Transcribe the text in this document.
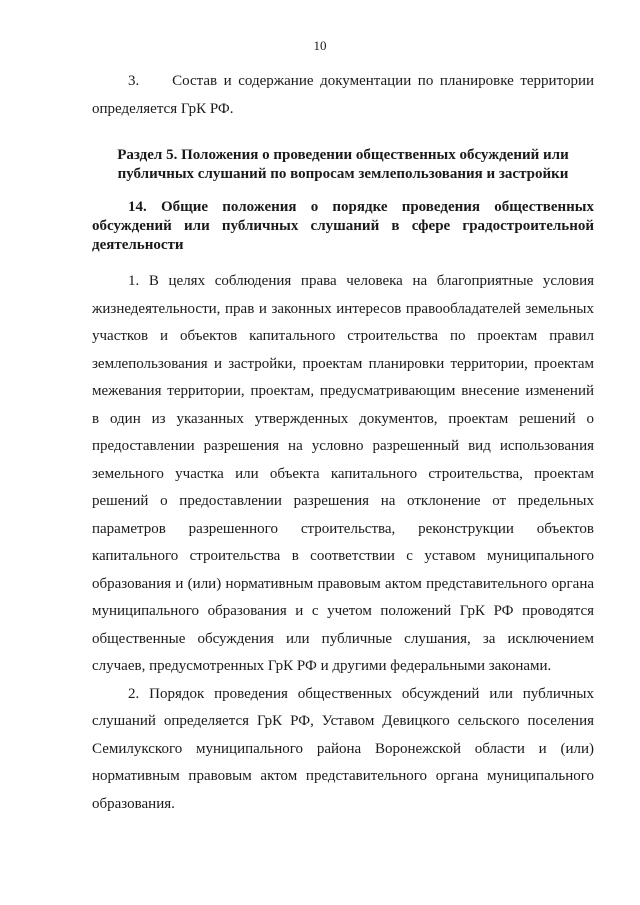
10

3.     Состав и содержание документации по планировке территории определяется ГрК РФ.

Раздел 5. Положения о проведении общественных обсуждений или публичных слушаний по вопросам землепользования и застройки

14. Общие положения о порядке проведения общественных обсуждений или публичных слушаний в сфере градостроительной деятельности

1. В целях соблюдения права человека на благоприятные условия жизнедеятельности, прав и законных интересов правообладателей земельных участков и объектов капитального строительства по проектам правил землепользования и застройки, проектам планировки территории, проектам межевания территории, проектам, предусматривающим внесение изменений в один из указанных утвержденных документов, проектам решений о предоставлении разрешения на условно разрешенный вид использования земельного участка или объекта капитального строительства, проектам решений о предоставлении разрешения на отклонение от предельных параметров разрешенного строительства, реконструкции объектов капитального строительства в соответствии с уставом муниципального образования и (или) нормативным правовым актом представительного органа муниципального образования и с учетом положений ГрК РФ проводятся общественные обсуждения или публичные слушания, за исключением случаев, предусмотренных ГрК РФ и другими федеральными законами.

2. Порядок проведения общественных обсуждений или публичных слушаний определяется ГрК РФ, Уставом Девицкого сельского поселения Семилукского муниципального района Воронежской области и (или) нормативным правовым актом представительного органа муниципального образования.
